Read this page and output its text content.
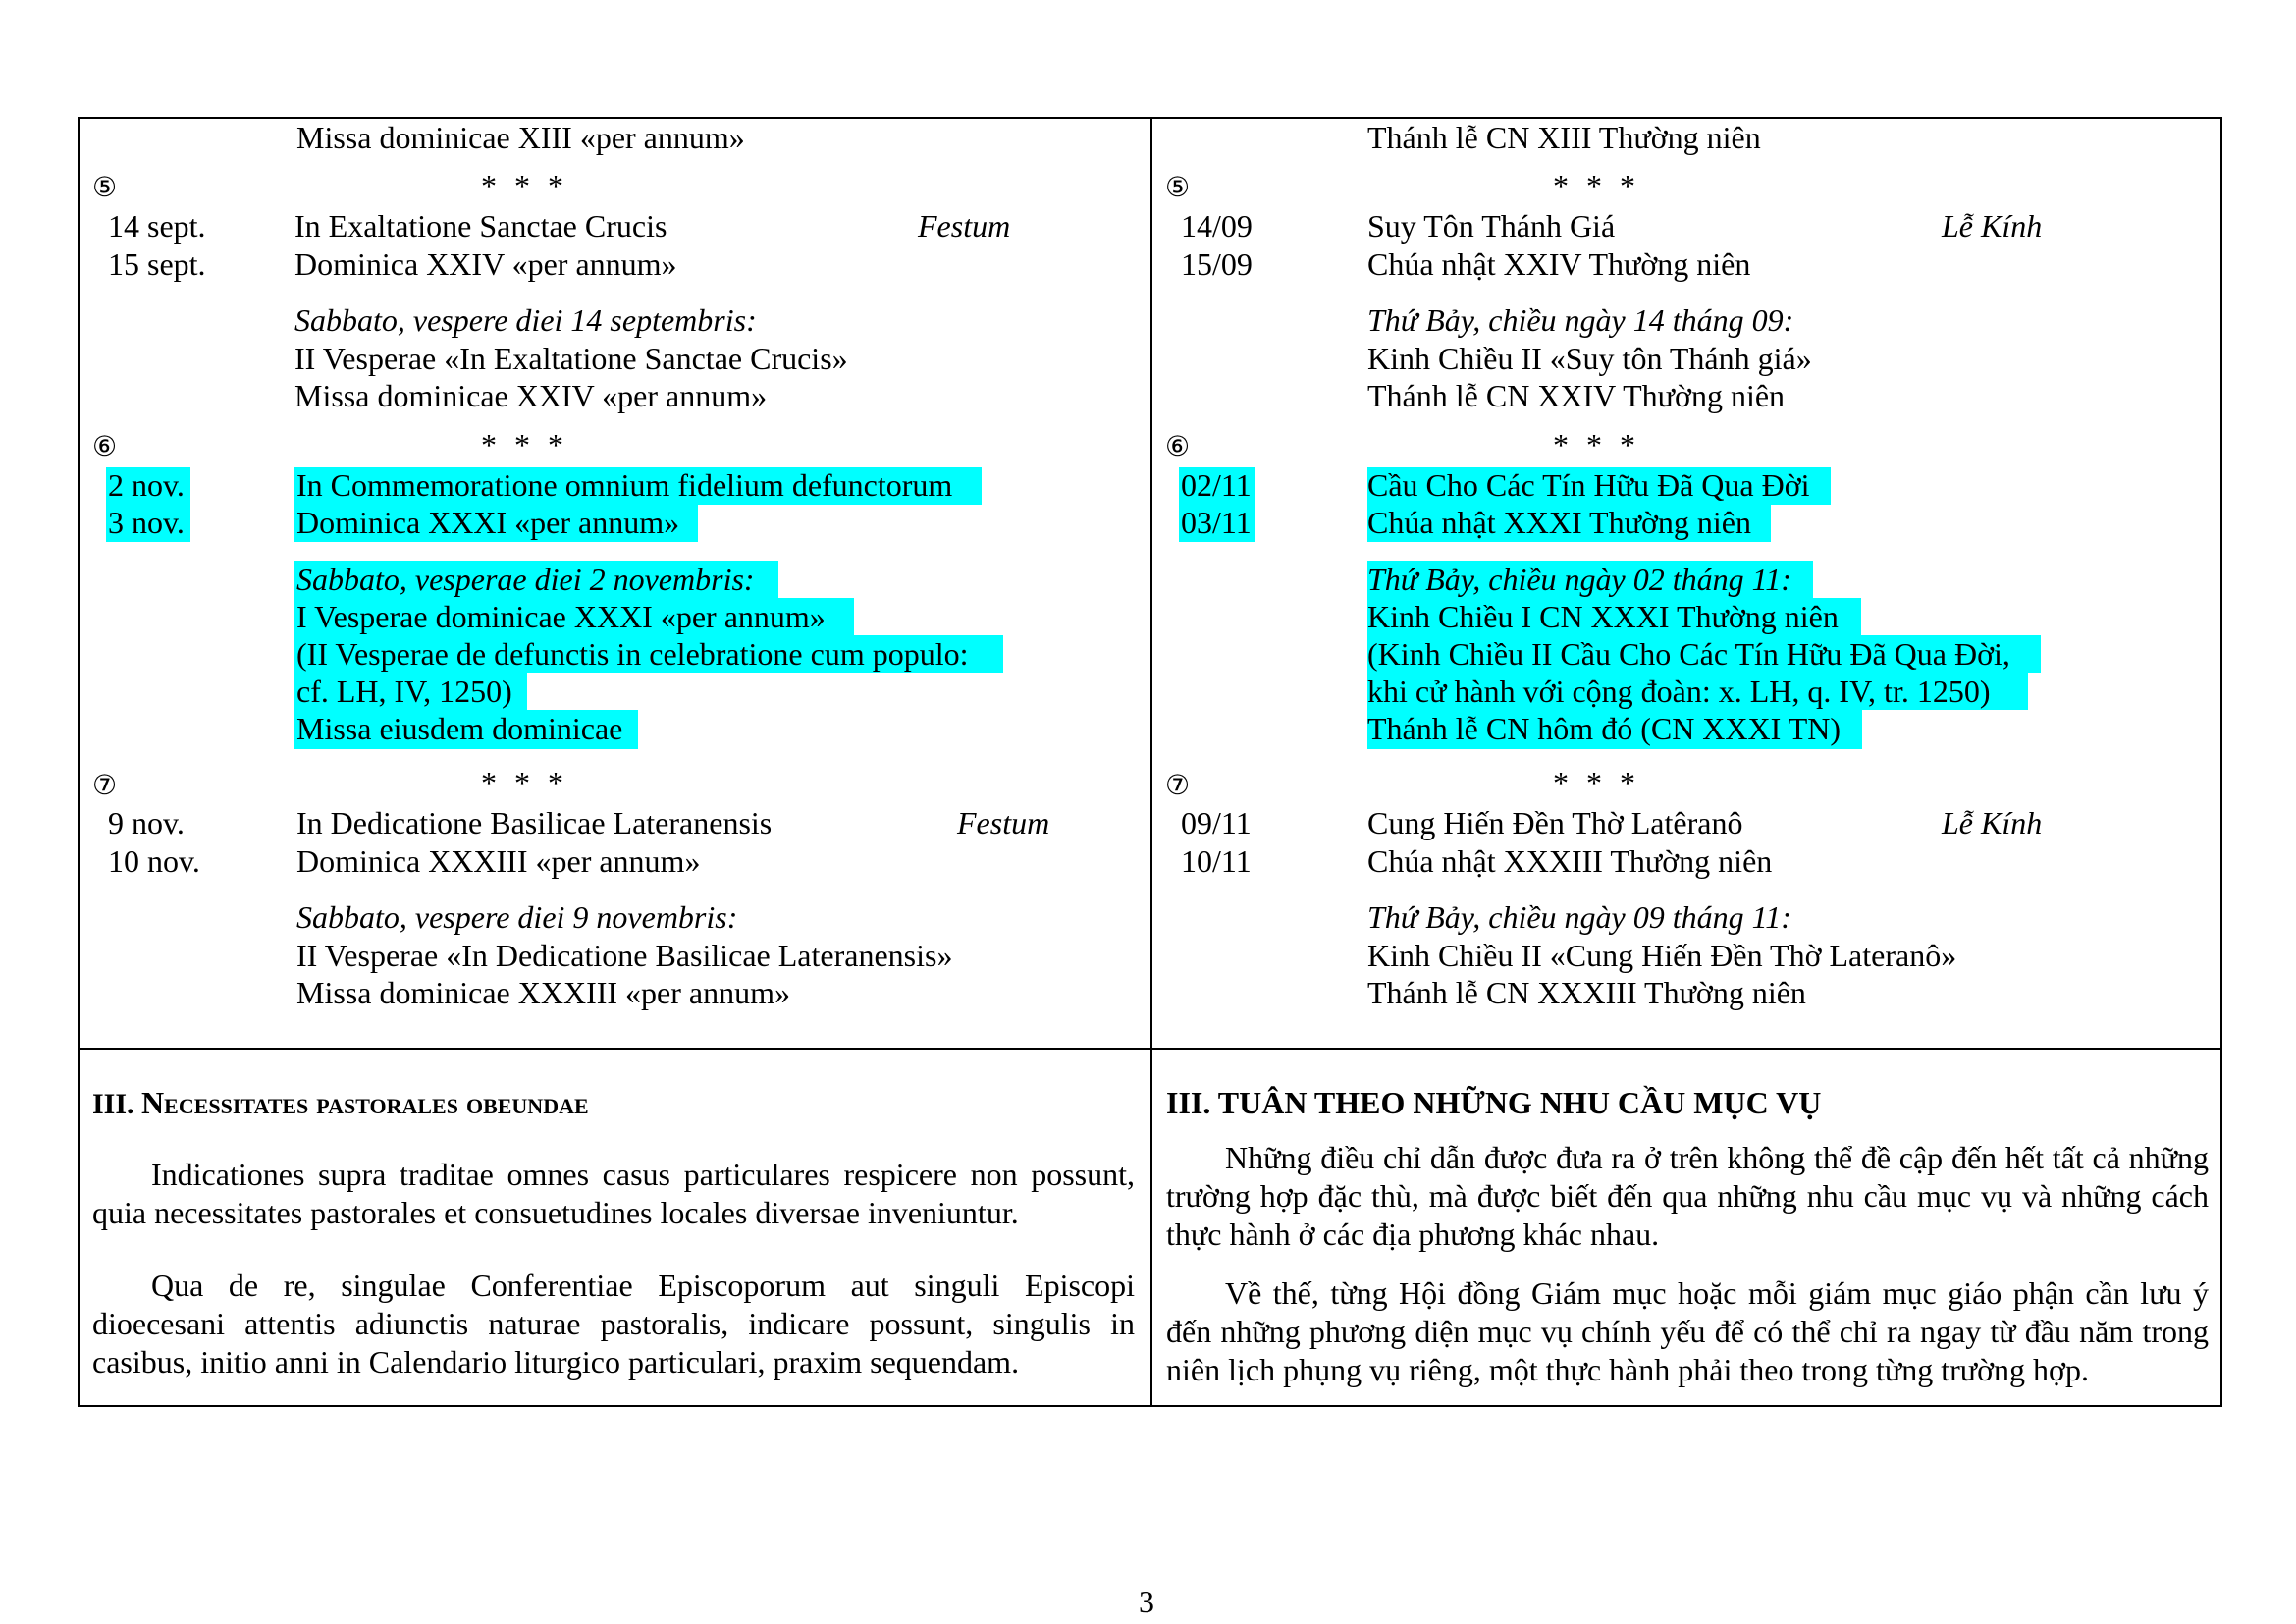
Missa dominicae XIII «per annum»

⑤	* * *

14 sept.	In Exaltatione Sanctae Crucis	Festum

15 sept.	Dominica XXIV «per annum»

Sabbato, vespere diei 14 septembris:

II Vesperae «In Exaltatione Sanctae Crucis»

Missa dominicae XXIV «per annum»

⑥	* * *

2 nov.	In Commemoratione omnium fidelium defunctorum

3 nov.	Dominica XXXI «per annum»

Sabbato, vesperae diei 2 novembris:

I Vesperae dominicae XXXI «per annum»

(II Vesperae de defunctis in celebratione cum populo:

cf. LH, IV, 1250)

Missa eiusdem dominicae

⑦	* * *

9 nov.	In Dedicatione Basilicae Lateranensis	Festum

10 nov.	Dominica XXXIII «per annum»

Sabbato, vespere diei 9 novembris:

II Vesperae «In Dedicatione Basilicae Lateranensis»

Missa dominicae XXXIII «per annum»

III. Necessitates pastorales obeundae

Indicationes supra traditae omnes casus particulares respicere non possunt, quia necessitates pastorales et consuetudines locales diversae inveniuntur.

Qua de re, singulae Conferentiae Episcoporum aut singuli Episcopi dioecesani attentis adiunctis naturae pastoralis, indicare possunt, singulis in casibus, initio anni in Calendario liturgico particulari, praxim sequendam.

Thánh lễ CN XIII Thường niên

⑤	* * *

14/09	Suy Tôn Thánh Giá	Lễ Kính

15/09	Chúa nhật XXIV Thường niên

Thứ Bảy, chiều ngày 14 tháng 09:

Kinh Chiều II «Suy tôn Thánh giá»

Thánh lễ CN XXIV Thường niên

⑥	* * *

02/11	Cầu Cho Các Tín Hữu Đã Qua Đời

03/11	Chúa nhật XXXI Thường niên

Thứ Bảy, chiều ngày 02 tháng 11:

Kinh Chiều I CN XXXI Thường niên

(Kinh Chiều II Cầu Cho Các Tín Hữu Đã Qua Đời,

khi cử hành với cộng đoàn: x. LH, q. IV, tr. 1250)

Thánh lễ CN hôm đó (CN XXXI TN)

⑦	* * *

09/11	Cung Hiến Đền Thờ Latêranô	Lễ Kính

10/11	Chúa nhật XXXIII Thường niên

Thứ Bảy, chiều ngày 09 tháng 11:

Kinh Chiều II «Cung Hiến Đền Thờ Lateranô»

Thánh lễ CN XXXIII Thường niên

III. TUÂN THEO NHỮNG NHU CẦU MỤC VỤ

Những điều chỉ dẫn được đưa ra ở trên không thể đề cập đến hết tất cả những trường hợp đặc thù, mà được biết đến qua những nhu cầu mục vụ và những cách thực hành ở các địa phương khác nhau.

Về thế, từng Hội đồng Giám mục hoặc mỗi giám mục giáo phận cần lưu ý đến những phương diện mục vụ chính yếu để có thể chỉ ra ngay từ đầu năm trong niên lịch phụng vụ riêng, một thực hành phải theo trong từng trường hợp.

3
